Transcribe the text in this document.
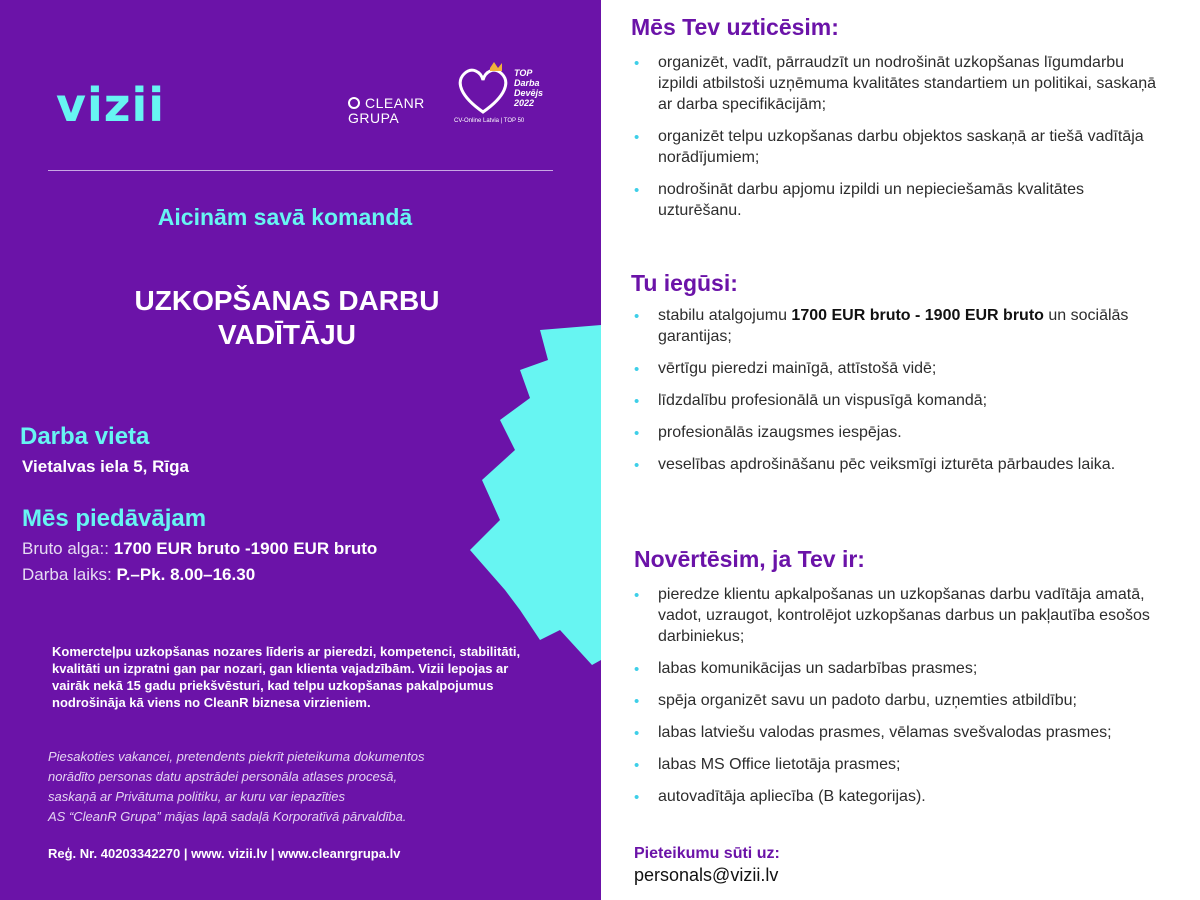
vizii	CLEANR
GRUPA
TOP
Darba
Devējs
2022
CV-Online Latvia | TOP 50
Aicinām savā komandā
UZKOPŠANAS DARBU
VADĪTĀJU
Darba vieta
Vietalvas iela 5, Rīga
Mēs piedāvājam
Bruto alga:: 1700 EUR bruto -1900 EUR bruto
Darba laiks: P.–Pk. 8.00–16.30
Komercteļpu uzkopšanas nozares līderis ar pieredzi, kompetenci, stabilitāti, kvalitāti un izpratni gan par nozari, gan klienta vajadzībām. Vizii lepojas ar vairāk nekā 15 gadu priekšvēsturi, kad telpu uzkopšanas pakalpojumus nodrošināja kā viens no CleanR biznesa virzieniem.
Piesakoties vakancei, pretendents piekrīt pieteikuma dokumentos
norādīto personas datu apstrādei personāla atlases procesā,
saskaņā ar Privātuma politiku, ar kuru var iepazīties
AS “CleanR Grupa” mājas lapā sadaļā Korporatīvā pārvaldība.
Reģ. Nr. 40203342270 | www. vizii.lv | www.cleanrgrupa.lv
Mēs Tev uzticēsim:
• organizēt, vadīt, pārraudzīt un nodrošināt uzkopšanas līgumdarbu izpildi atbilstoši uzņēmuma kvalitātes standartiem un politikai, saskaņā ar darba specifikācijām;
• organizēt telpu uzkopšanas darbu objektos saskaņā ar tiešā vadītāja norādījumiem;
• nodrošināt darbu apjomu izpildi un nepieciešamās kvalitātes uzturēšanu.
Tu iegūsi:
• stabilu atalgojumu 1700 EUR bruto - 1900 EUR bruto un sociālās garantijas;
• vērtīgu pieredzi mainīgā, attīstošā vidē;
• līdzdalību profesionālā un vispusīgā komandā;
• profesionālās izaugsmes iespējas.
• veselības apdrošināšanu pēc veiksmīgi izturēta pārbaudes laika.
Novērtēsim, ja Tev ir:
• pieredze klientu apkalpošanas un uzkopšanas darbu vadītāja amatā, vadot, uzraugot, kontrolējot uzkopšanas darbus un pakļautība esošos darbiniekus;
• labas komunikācijas un sadarbības prasmes;
• spēja organizēt savu un padoto darbu, uzņemties atbildību;
• labas latviešu valodas prasmes, vēlamas svešvalodas prasmes;
• labas MS Office lietotāja prasmes;
• autovadītāja apliecība (B kategorijas).
Pieteikumu sūti uz:
personals@vizii.lv
